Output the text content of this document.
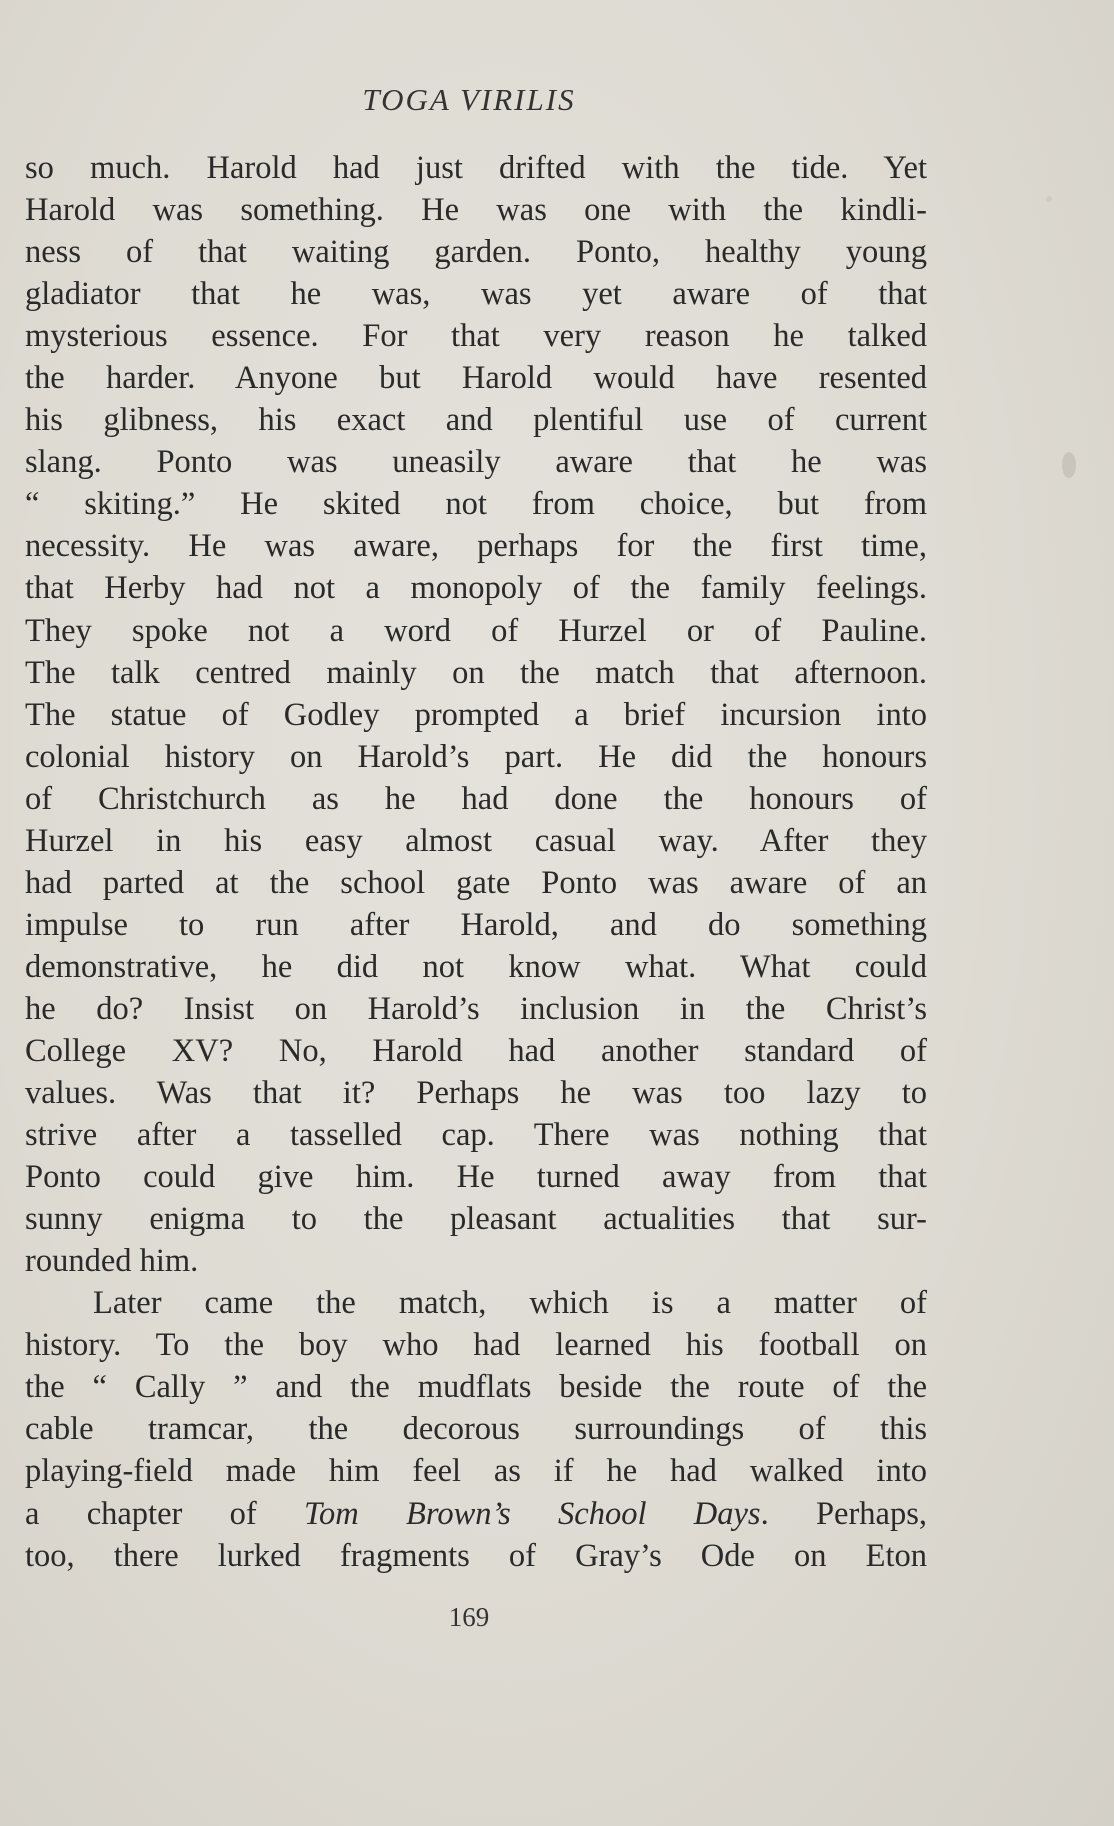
TOGA VIRILIS
so much. Harold had just drifted with the tide. Yet
Harold was something. He was one with the kindli-
ness of that waiting garden. Ponto, healthy young
gladiator that he was, was yet aware of that
mysterious essence. For that very reason he talked
the harder. Anyone but Harold would have resented
his glibness, his exact and plentiful use of current
slang. Ponto was uneasily aware that he was
“ skiting.” He skited not from choice, but from
necessity. He was aware, perhaps for the first time,
that Herby had not a monopoly of the family feelings.
They spoke not a word of Hurzel or of Pauline.
The talk centred mainly on the match that afternoon.
The statue of Godley prompted a brief incursion into
colonial history on Harold’s part. He did the honours
of Christchurch as he had done the honours of
Hurzel in his easy almost casual way. After they
had parted at the school gate Ponto was aware of an
impulse to run after Harold, and do something
demonstrative, he did not know what. What could
he do? Insist on Harold’s inclusion in the Christ’s
College XV? No, Harold had another standard of
values. Was that it? Perhaps he was too lazy to
strive after a tasselled cap. There was nothing that
Ponto could give him. He turned away from that
sunny enigma to the pleasant actualities that sur-
rounded him.
Later came the match, which is a matter of
history. To the boy who had learned his football on
the “ Cally ” and the mudflats beside the route of the
cable tramcar, the decorous surroundings of this
playing-field made him feel as if he had walked into
a chapter of Tom Brown’s School Days. Perhaps,
too, there lurked fragments of Gray’s Ode on Eton
169
